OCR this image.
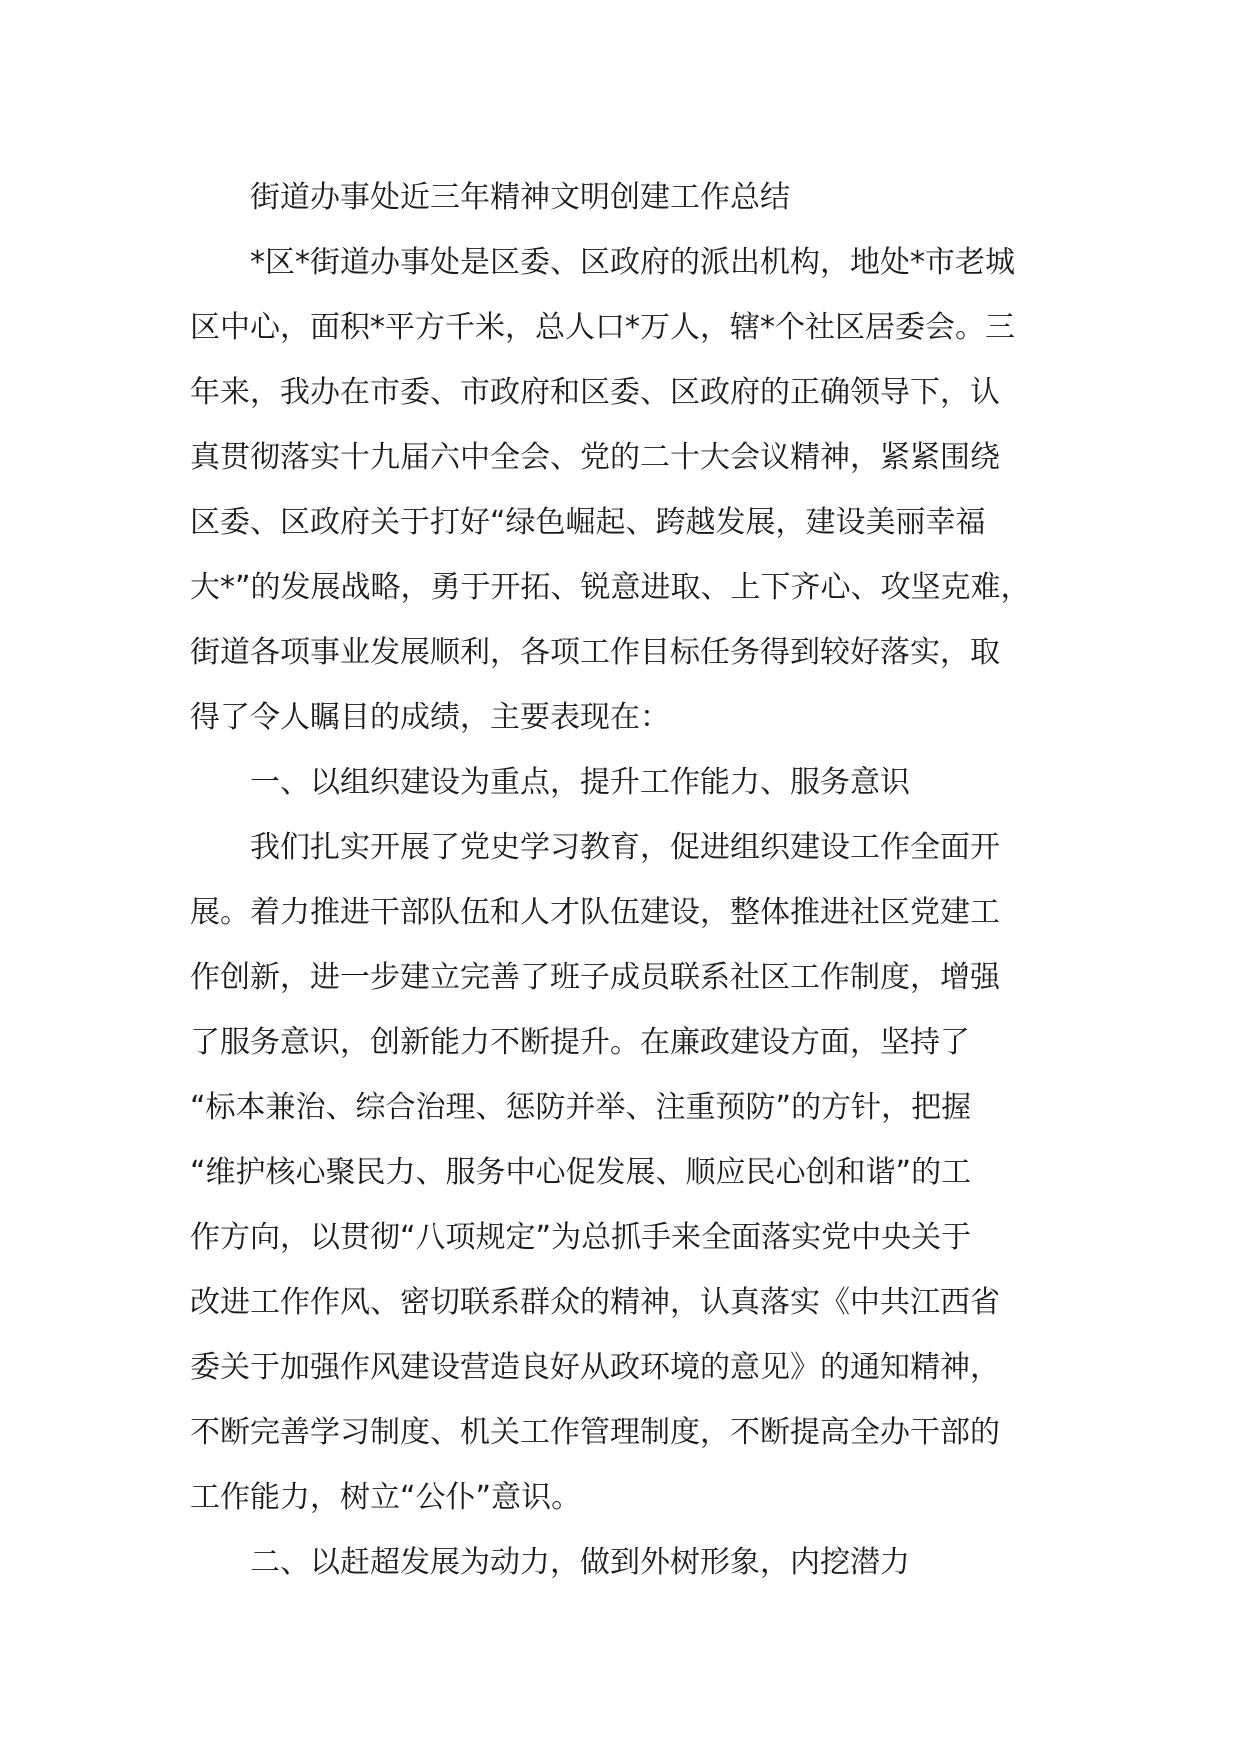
　　街道办事处近三年精神文明创建工作总结
　　*区*街道办事处是区委、区政府的派出机构，地处*市老城
区中心，面积*平方千米，总人口*万人，辖*个社区居委会。三
年来，我办在市委、市政府和区委、区政府的正确领导下，认
真贯彻落实十九届六中全会、党的二十大会议精神，紧紧围绕
区委、区政府关于打好“绿色崛起、跨越发展，建设美丽幸福
大*”的发展战略，勇于开拓、锐意进取、上下齐心、攻坚克难，
街道各项事业发展顺利，各项工作目标任务得到较好落实，取
得了令人瞩目的成绩，主要表现在：
　　一、以组织建设为重点，提升工作能力、服务意识
　　我们扎实开展了党史学习教育，促进组织建设工作全面开
展。着力推进干部队伍和人才队伍建设，整体推进社区党建工
作创新，进一步建立完善了班子成员联系社区工作制度，增强
了服务意识，创新能力不断提升。在廉政建设方面，坚持了
“标本兼治、综合治理、惩防并举、注重预防”的方针，把握
“维护核心聚民力、服务中心促发展、顺应民心创和谐”的工
作方向，以贯彻“八项规定”为总抓手来全面落实党中央关于
改进工作作风、密切联系群众的精神，认真落实《中共江西省
委关于加强作风建设营造良好从政环境的意见》的通知精神，
不断完善学习制度、机关工作管理制度，不断提高全办干部的
工作能力，树立“公仆”意识。
　　二、以赶超发展为动力，做到外树形象，内挖潜力
